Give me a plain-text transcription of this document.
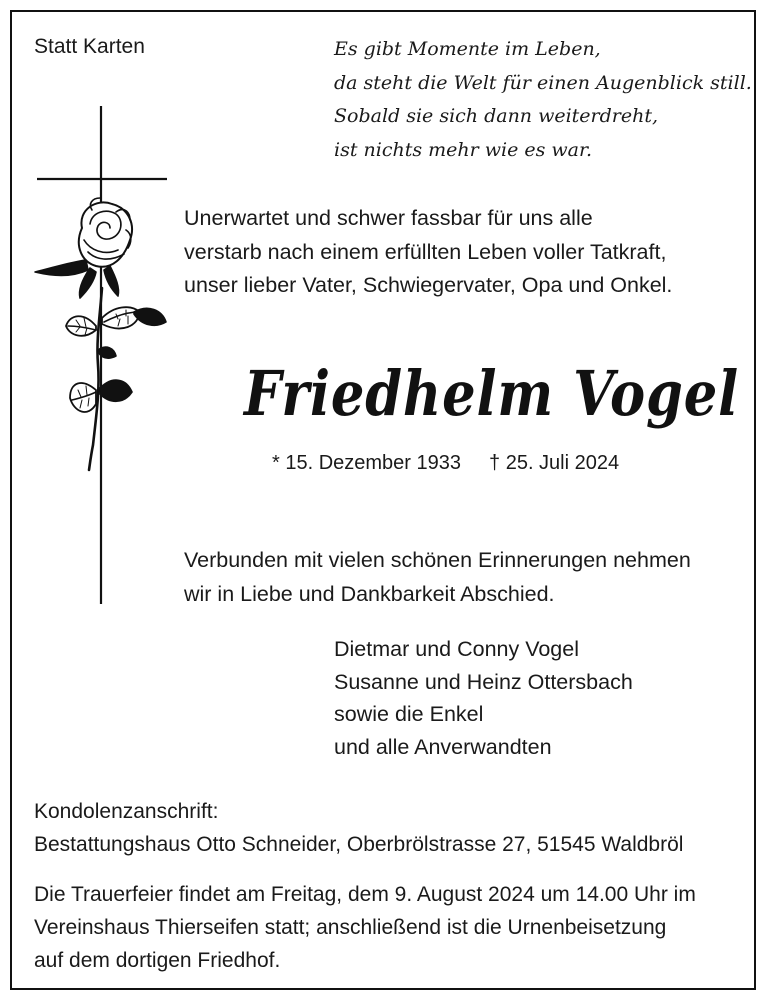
Statt Karten	Es gibt Momente im Leben,
da steht die Welt für einen Augenblick still.
Sobald sie sich dann weiterdreht,
ist nichts mehr wie es war.
Unerwartet und schwer fassbar für uns alle
verstarb nach einem erfüllten Leben voller Tatkraft,
unser lieber Vater, Schwiegervater, Opa und Onkel.
Friedhelm Vogel
* 15. Dezember 1933 † 25. Juli 2024
Verbunden mit vielen schönen Erinnerungen nehmen
wir in Liebe und Dankbarkeit Abschied.
Dietmar und Conny Vogel
Susanne und Heinz Ottersbach
sowie die Enkel
und alle Anverwandten
Kondolenzanschrift:
Bestattungshaus Otto Schneider, Oberbrölstrasse 27, 51545 Waldbröl
Die Trauerfeier findet am Freitag, dem 9. August 2024 um 14.00 Uhr im
Vereinshaus Thierseifen statt; anschließend ist die Urnenbeisetzung
auf dem dortigen Friedhof.
